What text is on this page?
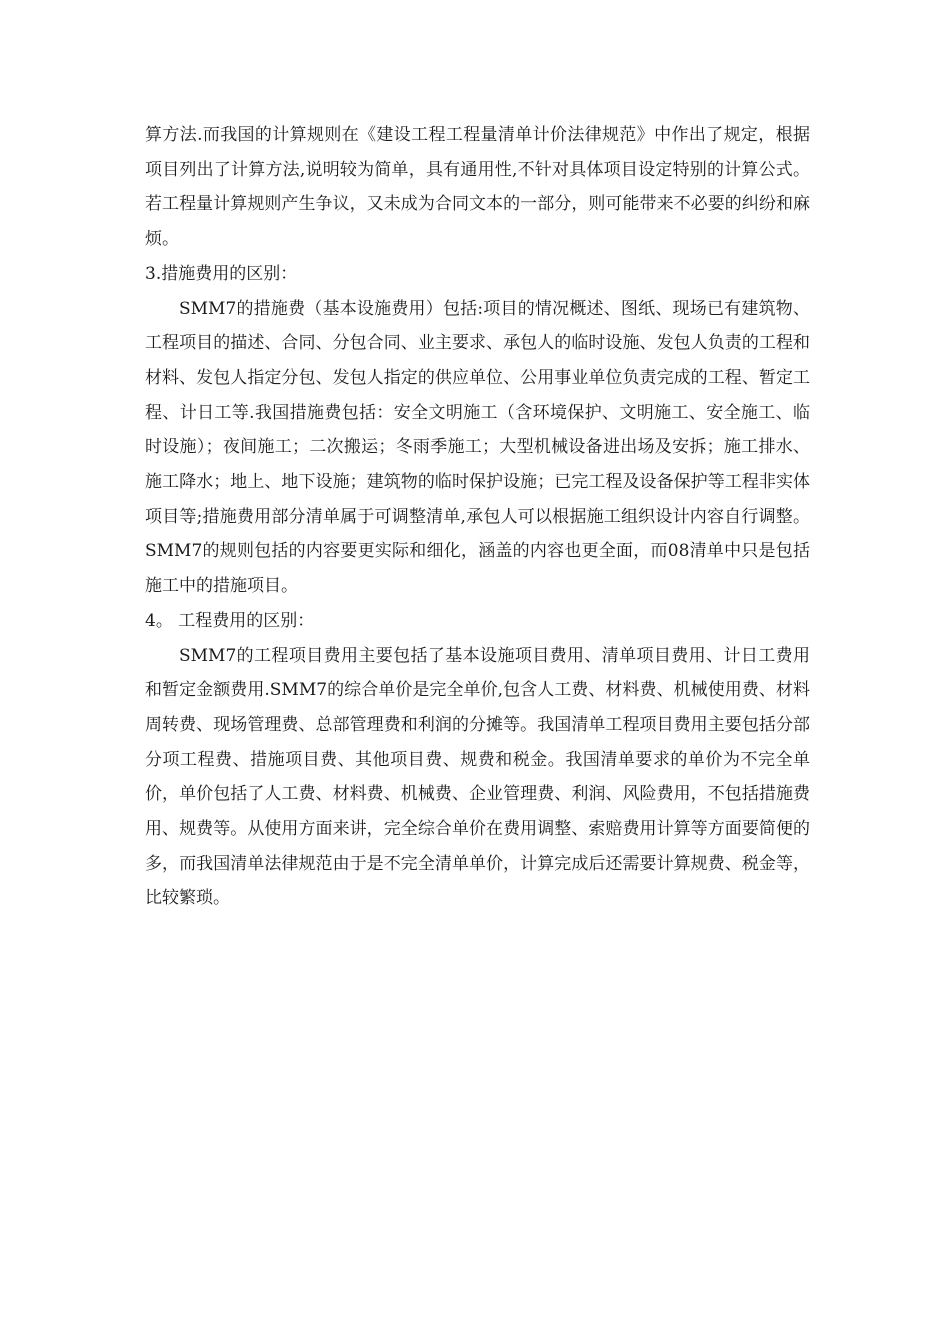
算方法.而我国的计算规则在《建设工程工程量清单计价法律规范》中作出了规定，根据项目列出了计算方法,说明较为简单，具有通用性,不针对具体项目设定特别的计算公式。若工程量计算规则产生争议，又未成为合同文本的一部分，则可能带来不必要的纠纷和麻烦。

3.措施费用的区别：

SMM7的措施费（基本设施费用）包括:项目的情况概述、图纸、现场已有建筑物、工程项目的描述、合同、分包合同、业主要求、承包人的临时设施、发包人负责的工程和材料、发包人指定分包、发包人指定的供应单位、公用事业单位负责完成的工程、暂定工程、计日工等.我国措施费包括：安全文明施工（含环境保护、文明施工、安全施工、临时设施）；夜间施工；二次搬运；冬雨季施工；大型机械设备进出场及安拆；施工排水、施工降水；地上、地下设施；建筑物的临时保护设施；已完工程及设备保护等工程非实体项目等;措施费用部分清单属于可调整清单,承包人可以根据施工组织设计内容自行调整。SMM7的规则包括的内容要更实际和细化，涵盖的内容也更全面，而08清单中只是包括施工中的措施项目。

4。 工程费用的区别：

SMM7的工程项目费用主要包括了基本设施项目费用、清单项目费用、计日工费用和暂定金额费用.SMM7的综合单价是完全单价,包含人工费、材料费、机械使用费、材料周转费、现场管理费、总部管理费和利润的分摊等。我国清单工程项目费用主要包括分部分项工程费、措施项目费、其他项目费、规费和税金。我国清单要求的单价为不完全单价，单价包括了人工费、材料费、机械费、企业管理费、利润、风险费用，不包括措施费用、规费等。从使用方面来讲，完全综合单价在费用调整、索赔费用计算等方面要简便的多，而我国清单法律规范由于是不完全清单单价，计算完成后还需要计算规费、税金等，比较繁琐。
